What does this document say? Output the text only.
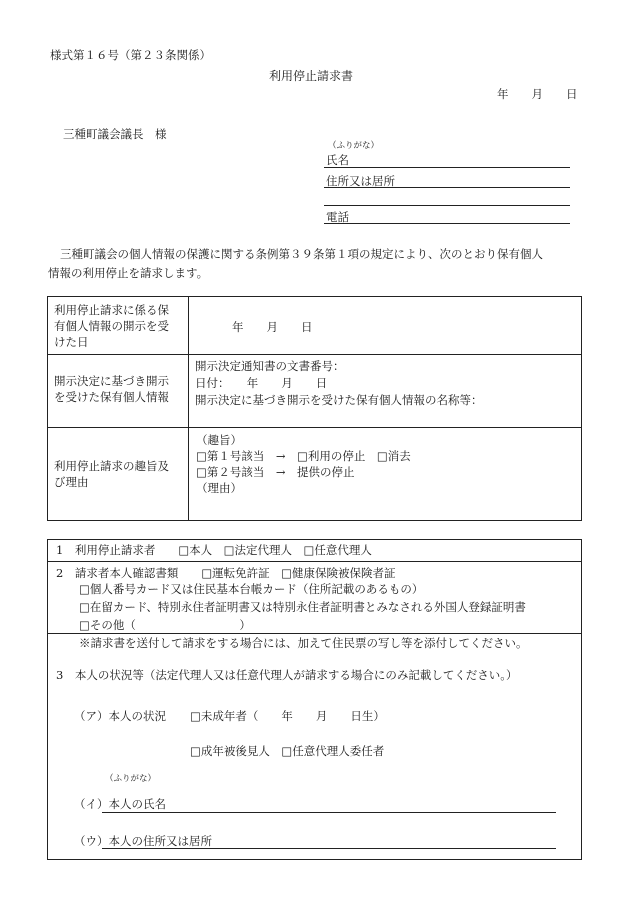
様式第１６号（第２３条関係）
利用停止請求書
年　　月　　日
三種町議会議長　様
（ふりがな）
氏名
住所又は居所
電話
三種町議会の個人情報の保護に関する条例第３９条第１項の規定により、次のとおり保有個人
情報の利用停止を請求します。
利用停止請求に係る保
有個人情報の開示を受
けた日
年　　月　　日
開示決定に基づき開示
を受けた保有個人情報
開示決定通知書の文書番号：
日付：　　年　　月　　日
開示決定に基づき開示を受けた保有個人情報の名称等：
利用停止請求の趣旨及
び理由
（趣旨）
□第１号該当　→　□利用の停止　□消去
□第２号該当　→　提供の停止
（理由）
1　利用停止請求者　　□本人　□法定代理人　□任意代理人
2　請求者本人確認書類　　□運転免許証　□健康保険被保険者証
□個人番号カード又は住民基本台帳カード（住所記載のあるもの）
□在留カード、特別永住者証明書又は特別永住者証明書とみなされる外国人登録証明書
□その他（　　　　　　　　　）
※請求書を送付して請求をする場合には、加えて住民票の写し等を添付してください。
3　本人の状況等（法定代理人又は任意代理人が請求する場合にのみ記載してください。）
（ア）本人の状況 □未成年者（　　年　　月　　日生）
□成年被後見人　□任意代理人委任者
（ふりがな）
（イ）本人の氏名
（ウ）本人の住所又は居所
